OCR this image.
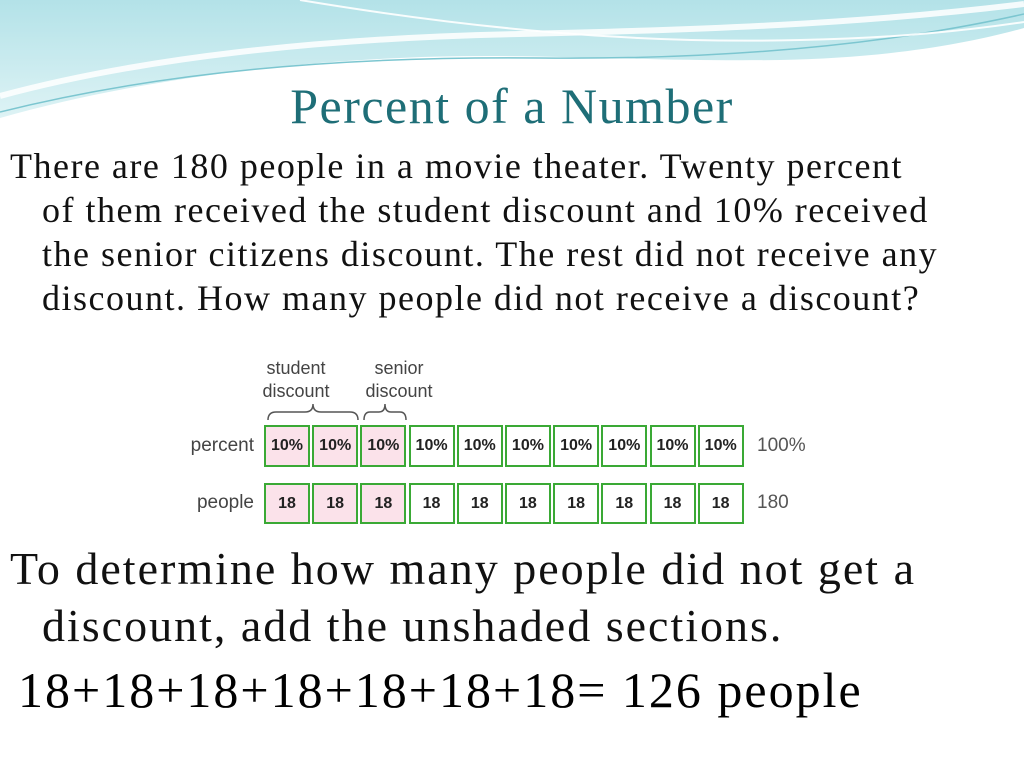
Percent of a Number
There are 180 people in a movie theater. Twenty percent
of them received the student discount and 10% received
the senior citizens discount. The rest did not receive any
discount. How many people did not receive a discount?
student
discount
senior
discount
percent	10%	10%	10%	10%	10%	10%	10%	10%	10%	10%	100%
people	18	18	18	18	18	18	18	18	18	18	180
To determine how many people did not get a
discount, add the unshaded sections.
18+18+18+18+18+18+18= 126 people
